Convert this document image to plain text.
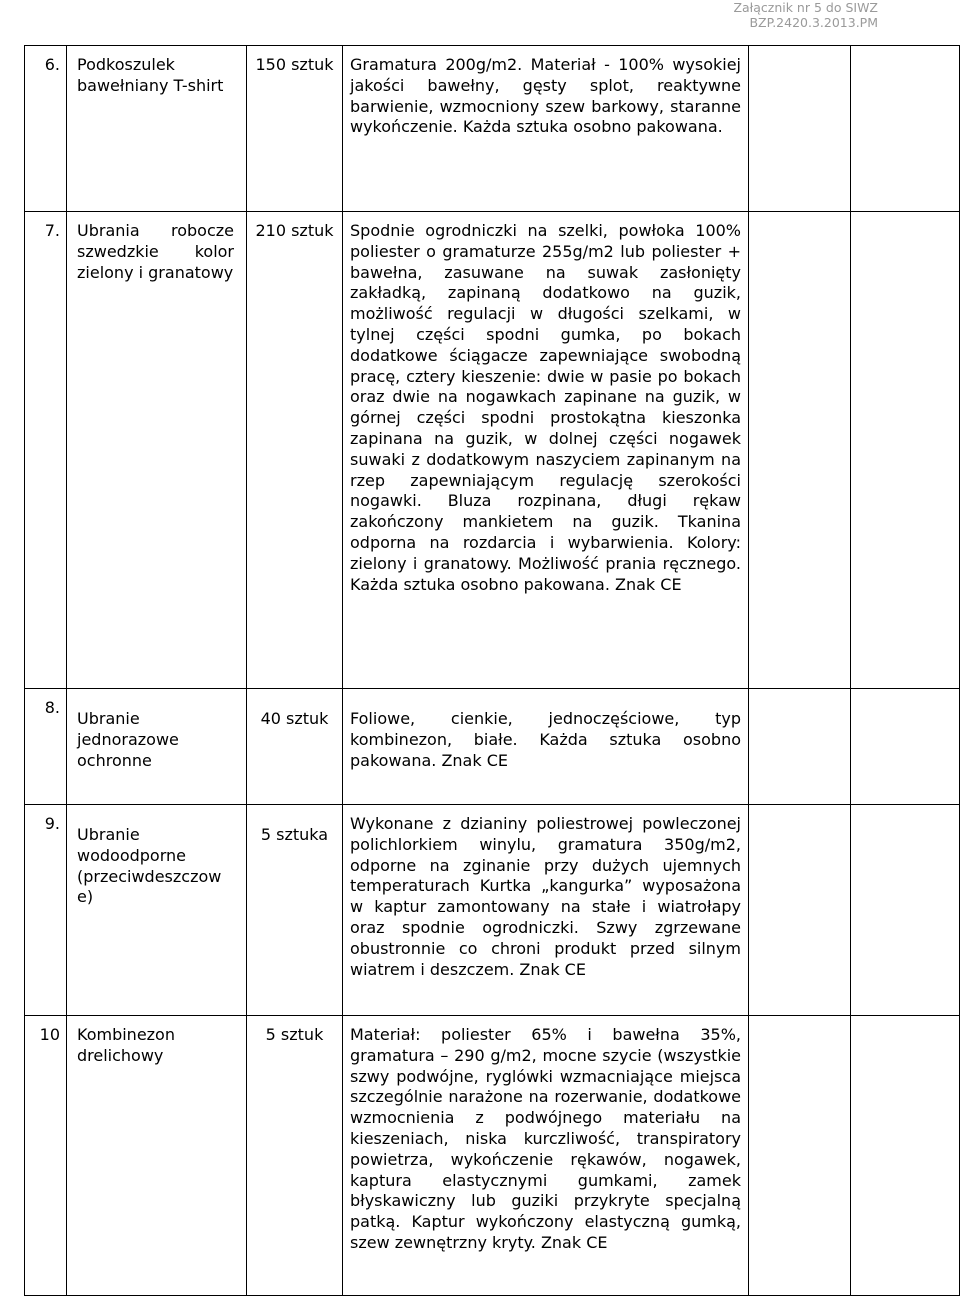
Załącznik nr 5 do SIWZ
BZP.2420.3.2013.PM
6.	Podkoszulek bawełniany T-shirt	150 sztuk	Gramatura 200g/m2. Materiał - 100% wysokiej jakości bawełny, gęsty splot, reaktywne barwienie, wzmocniony szew barkowy, staranne wykończenie. Każda sztuka osobno pakowana.		
7.	Ubrania robocze szwedzkie kolor zielony i granatowy	210 sztuk	Spodnie ogrodniczki na szelki, powłoka 100% poliester o gramaturze 255g/m2 lub poliester + bawełna, zasuwane na suwak zasłonięty zakładką, zapinaną dodatkowo na guzik, możliwość regulacji w długości szelkami, w tylnej części spodni gumka, po bokach dodatkowe ściągacze zapewniające swobodną pracę, cztery kieszenie: dwie w pasie po bokach oraz dwie na nogawkach zapinane na guzik, w górnej części spodni prostokątna kieszonka zapinana na guzik, w dolnej części nogawek suwaki z dodatkowym naszyciem zapinanym na rzep zapewniającym regulację szerokości nogawki. Bluza rozpinana, długi rękaw zakończony mankietem na guzik. Tkanina odporna na rozdarcia i wybarwienia. Kolory: zielony i granatowy. Możliwość prania ręcznego. Każda sztuka osobno pakowana. Znak CE		
8.	Ubranie jednorazowe ochronne	40 sztuk	Foliowe, cienkie, jednoczęściowe, typ kombinezon, białe. Każda sztuka osobno pakowana. Znak CE		
9.	Ubranie wodoodporne (przeciwdeszczow e)	5 sztuka	Wykonane z dzianiny poliestrowej powleczonej polichlorkiem winylu, gramatura 350g/m2, odporne na zginanie przy dużych ujemnych temperaturach Kurtka „kangurka” wyposażona w kaptur zamontowany na stałe i wiatrołapy oraz spodnie ogrodniczki. Szwy zgrzewane obustronnie co chroni produkt przed silnym wiatrem i deszczem. Znak CE		
10	Kombinezon drelichowy	5 sztuk	Materiał: poliester 65% i bawełna 35%, gramatura – 290 g/m2, mocne szycie (wszystkie szwy podwójne, ryglówki wzmacniające miejsca szczególnie narażone na rozerwanie, dodatkowe wzmocnienia z podwójnego materiału na kieszeniach, niska kurczliwość, transpiratory powietrza, wykończenie rękawów, nogawek, kaptura elastycznymi gumkami, zamek błyskawiczny lub guziki przykryte specjalną patką. Kaptur wykończony elastyczną gumką, szew zewnętrzny kryty. Znak CE		
